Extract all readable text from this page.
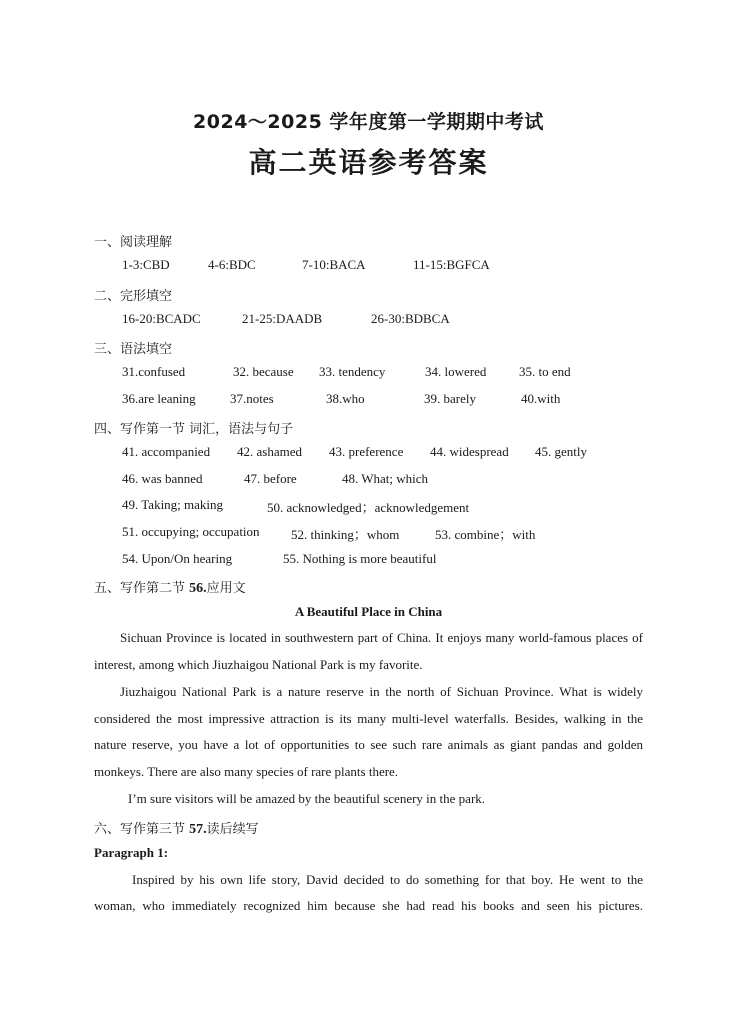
2024～2025 学年度第一学期期中考试
高二英语参考答案
一、阅读理解
1-3:CBD	4-6:BDC	7-10:BACA	11-15:BGFCA
二、完形填空
16-20:BCADC	21-25:DAADB	26-30:BDBCA
三、语法填空
31.confused	32. because 33. tendency	34. lowered	35. to end
36.are leaning	37.notes	38.who	39. barely	40.with
四、写作第一节 词汇，语法与句子
41. accompanied 42. ashamed 43. preference 44. widespread 45. gently
46. was banned	47. before	48. What; which
49. Taking; making	50. acknowledged；acknowledgement
51. occupying; occupation 52. thinking；whom	53. combine；with
54. Upon/On hearing	55. Nothing is more beautiful
五、写作第二节 56.应用文
A Beautiful Place in China

Sichuan Province is located in southwestern part of China. It enjoys many world-famous places of interest, among which Jiuzhaigou National Park is my favorite.

Jiuzhaigou National Park is a nature reserve in the north of Sichuan Province. What is widely considered the most impressive attraction is its many multi-level waterfalls. Besides, walking in the nature reserve, you have a lot of opportunities to see such rare animals as giant pandas and golden monkeys. There are also many species of rare plants there.

I’m sure visitors will be amazed by the beautiful scenery in the park.

六、写作第三节 57.读后续写
Paragraph 1:
Inspired by his own life story, David decided to do something for that boy. He went to the
woman, who immediately recognized him because she had read his books and seen his pictures.
